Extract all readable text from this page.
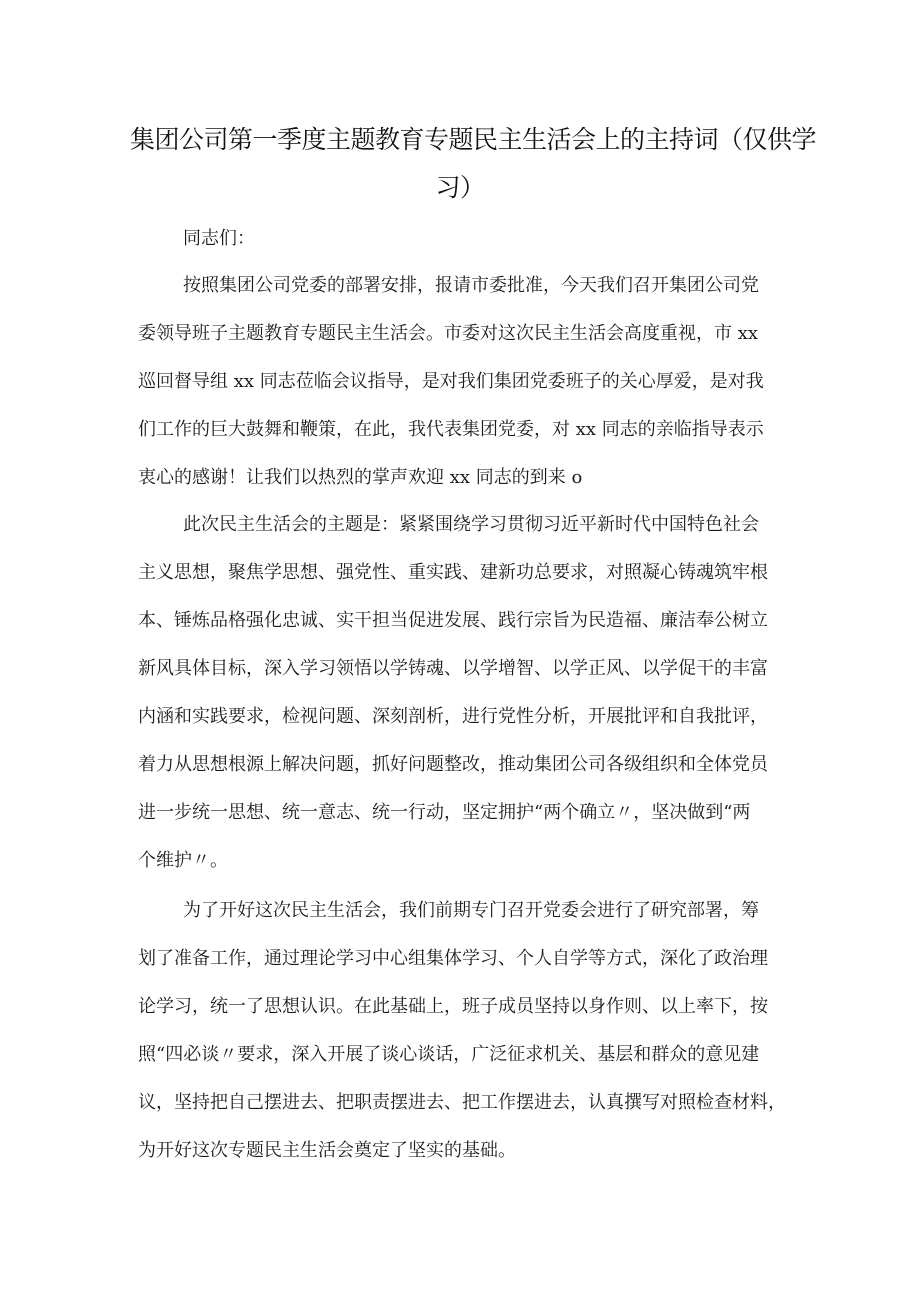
集团公司第一季度主题教育专题民主生活会上的主持词（仅供学
习）
同志们：
按照集团公司党委的部署安排，报请市委批准，今天我们召开集团公司党
委领导班子主题教育专题民主生活会。市委对这次民主生活会高度重视，市 xx
巡回督导组 xx 同志莅临会议指导，是对我们集团党委班子的关心厚爱，是对我
们工作的巨大鼓舞和鞭策，在此，我代表集团党委，对 xx 同志的亲临指导表示
衷心的感谢！让我们以热烈的掌声欢迎 xx 同志的到来 o
此次民主生活会的主题是：紧紧围绕学习贯彻习近平新时代中国特色社会
主义思想，聚焦学思想、强党性、重实践、建新功总要求，对照凝心铸魂筑牢根
本、锤炼品格强化忠诚、实干担当促进发展、践行宗旨为民造福、廉洁奉公树立
新风具体目标，深入学习领悟以学铸魂、以学增智、以学正风、以学促干的丰富
内涵和实践要求，检视问题、深刻剖析，进行党性分析，开展批评和自我批评，
着力从思想根源上解决问题，抓好问题整改，推动集团公司各级组织和全体党员
进一步统一思想、统一意志、统一行动，坚定拥护“两个确立〃，坚决做到“两
个维护〃。
为了开好这次民主生活会，我们前期专门召开党委会进行了研究部署，筹
划了准备工作，通过理论学习中心组集体学习、个人自学等方式，深化了政治理
论学习，统一了思想认识。在此基础上，班子成员坚持以身作则、以上率下，按
照“四必谈〃要求，深入开展了谈心谈话，广泛征求机关、基层和群众的意见建
议，坚持把自己摆进去、把职责摆进去、把工作摆进去，认真撰写对照检查材料，
为开好这次专题民主生活会奠定了坚实的基础。
